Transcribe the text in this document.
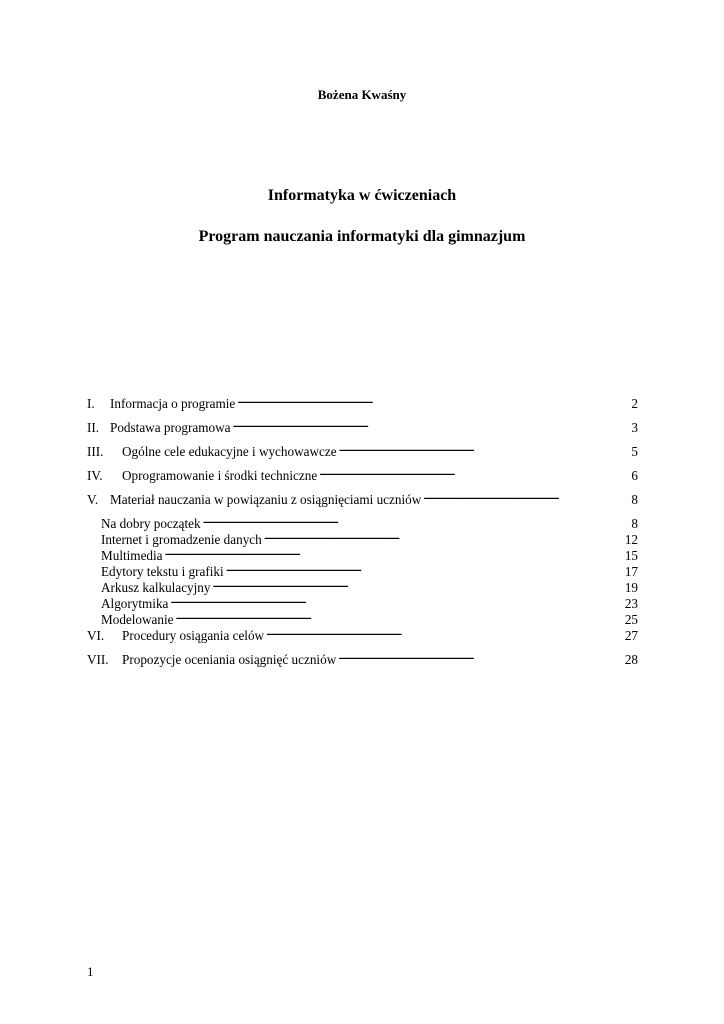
Bożena Kwaśny
Informatyka w ćwiczeniach
Program nauczania informatyki dla gimnazjum
I.	Informacja o programie . . .	2
II. Podstawa programowa . . .	3
III.	Ogólne cele edukacyjne i wychowawcze . . .	5
IV.	Oprogramowanie i środki techniczne . . .	6
V. Materiał nauczania w powiązaniu z osiągnięciami uczniów . . .	8
Na dobry początek . . .	8
Internet i gromadzenie danych . . .	12
Multimedia . . .	15
Edytory tekstu i grafiki . . .	17
Arkusz kalkulacyjny . . .	19
Algorytmika . . .	23
Modelowanie . . .	25
VI.	Procedury osiągania celów . . .	27
VII.	Propozycje oceniania osiągnięć uczniów . . .	28
1
